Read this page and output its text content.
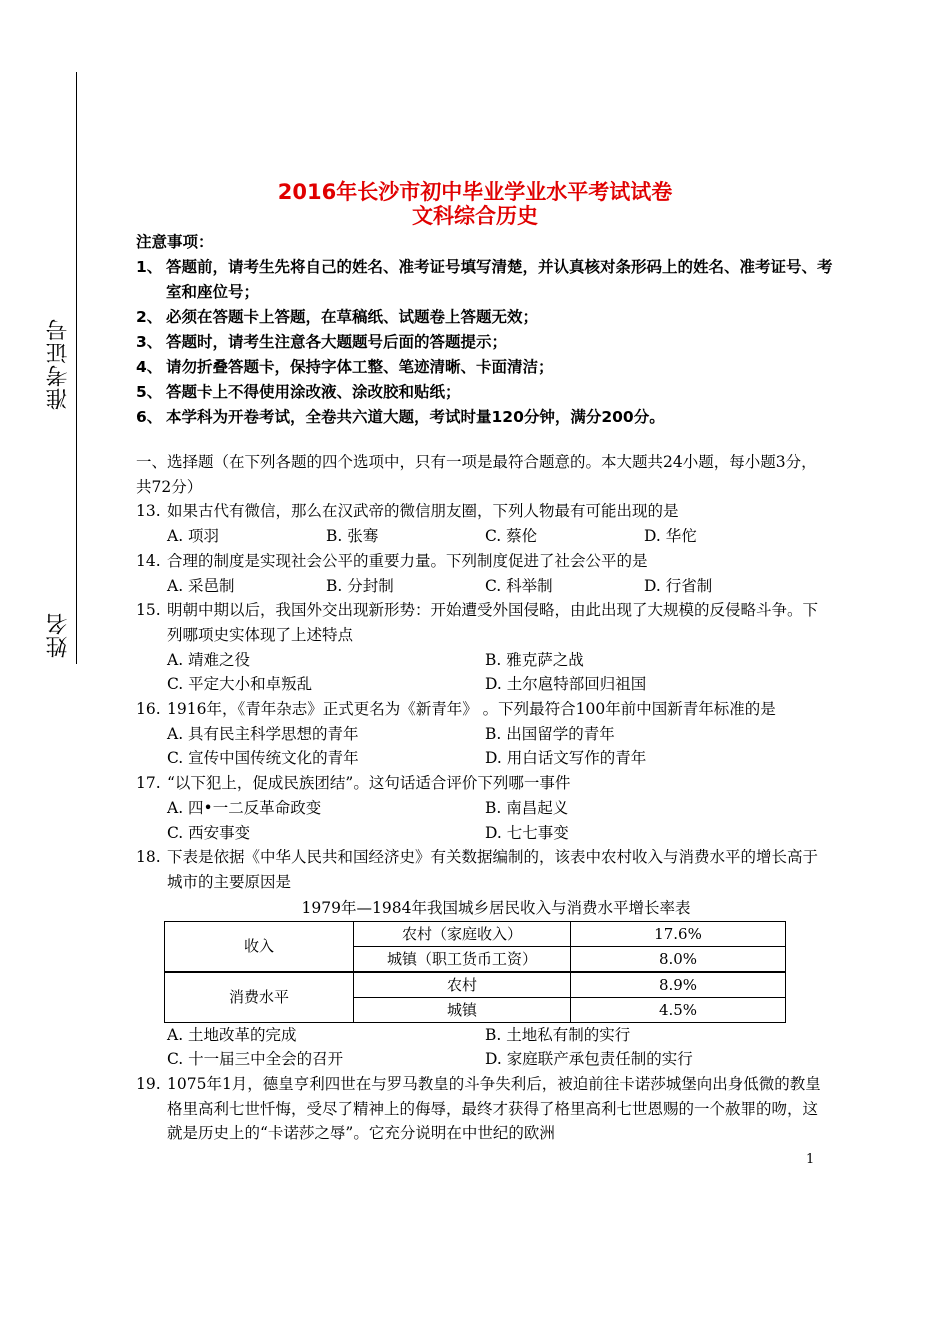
准考证号
姓名
2016年长沙市初中毕业学业水平考试试卷
文科综合历史
注意事项：
1、 答题前，请考生先将自己的姓名、准考证号填写清楚，并认真核对条形码上的姓名、准考证号、考室和座位号；
2、 必须在答题卡上答题，在草稿纸、试题卷上答题无效；
3、 答题时，请考生注意各大题题号后面的答题提示；
4、 请勿折叠答题卡，保持字体工整、笔迹清晰、卡面清洁；
5、 答题卡上不得使用涂改液、涂改胶和贴纸；
6、 本学科为开卷考试，全卷共六道大题，考试时量120分钟，满分200分。
一、选择题（在下列各题的四个选项中，只有一项是最符合题意的。本大题共24小题，每小题3分，共72分）
13. 如果古代有微信，那么在汉武帝的微信朋友圈，下列人物最有可能出现的是
A. 项羽	B. 张骞	C. 蔡伦	D. 华佗
14. 合理的制度是实现社会公平的重要力量。下列制度促进了社会公平的是
A. 采邑制	B. 分封制	C. 科举制	D. 行省制
15. 明朝中期以后，我国外交出现新形势：开始遭受外国侵略，由此出现了大规模的反侵略斗争。下列哪项史实体现了上述特点
A. 靖难之役	B. 雅克萨之战
C. 平定大小和卓叛乱	D. 土尔扈特部回归祖国
16. 1916年，《青年杂志》正式更名为《新青年》 。下列最符合100年前中国新青年标准的是
A. 具有民主科学思想的青年	B. 出国留学的青年
C. 宣传中国传统文化的青年	D. 用白话文写作的青年
17. “以下犯上，促成民族团结”。这句话适合评价下列哪一事件
A. 四•一二反革命政变	B. 南昌起义
C. 西安事变	D. 七七事变
18. 下表是依据《中华人民共和国经济史》有关数据编制的，该表中农村收入与消费水平的增长高于城市的主要原因是
1979年—1984年我国城乡居民收入与消费水平增长率表
收入	农村（家庭收入）	17.6%
	城镇（职工货币工资）	8.0%
消费水平	农村	8.9%
	城镇	4.5%
A. 土地改革的完成	B. 土地私有制的实行
C. 十一届三中全会的召开	D. 家庭联产承包责任制的实行
19. 1075年1月，德皇亨利四世在与罗马教皇的斗争失利后，被迫前往卡诺莎城堡向出身低微的教皇格里高利七世忏悔，受尽了精神上的侮辱，最终才获得了格里高利七世恩赐的一个赦罪的吻，这就是历史上的“卡诺莎之辱”。它充分说明在中世纪的欧洲
1
